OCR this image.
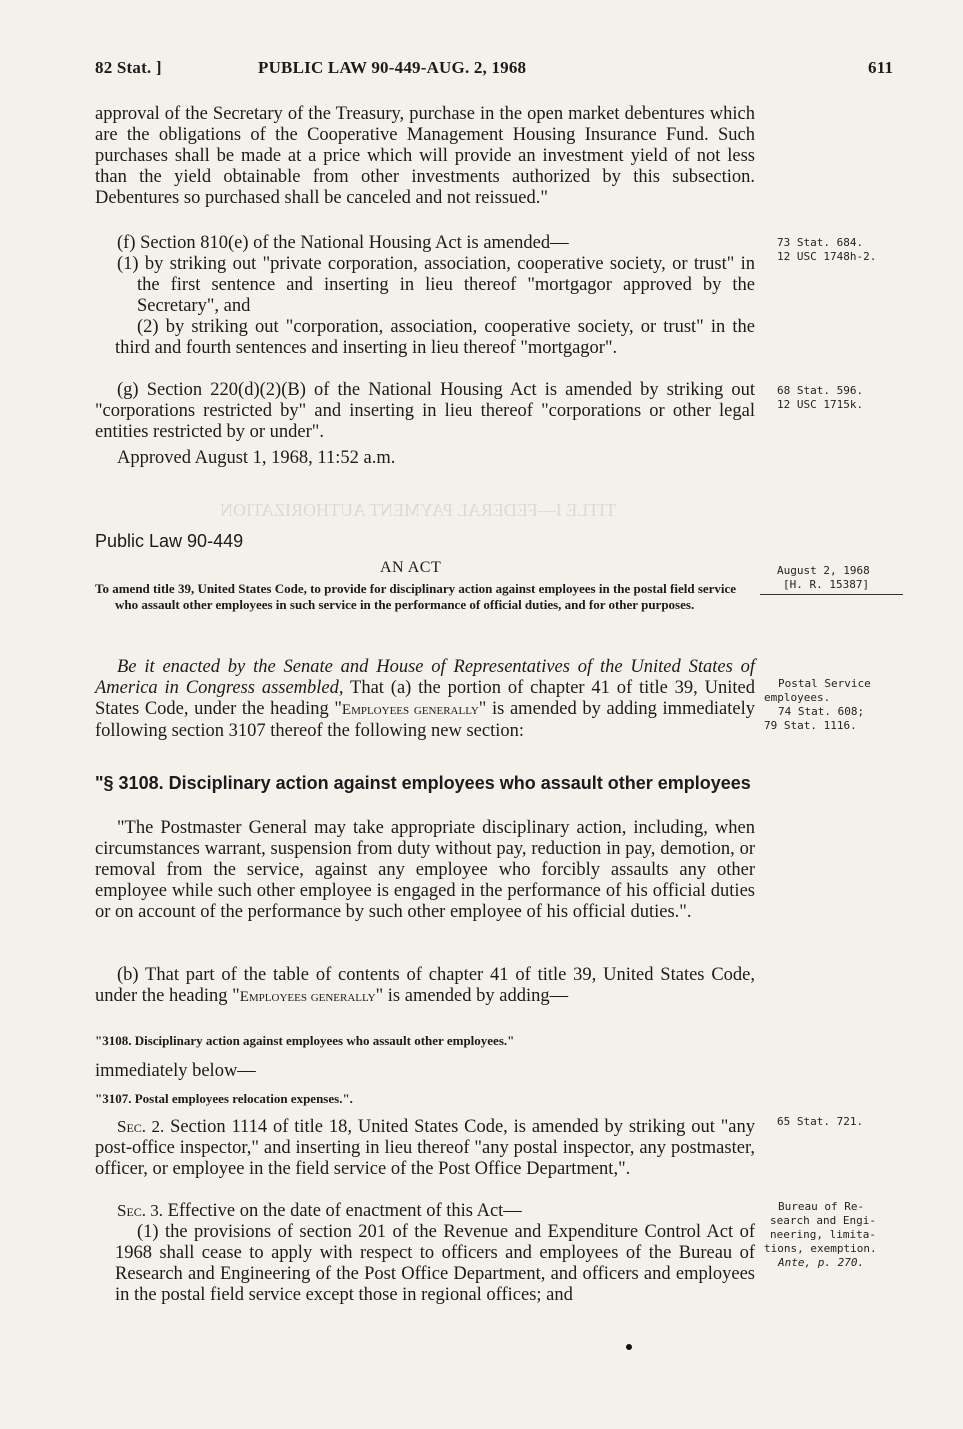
TITLE I—FEDERAL PAYMENT AUTHORIZATION
82 Stat. ]	PUBLIC LAW 90-449-AUG. 2, 1968	611

approval of the Secretary of the Treasury, purchase in the open market debentures which are the obligations of the Cooperative Management Housing Insurance Fund. Such purchases shall be made at a price which will provide an investment yield of not less than the yield obtainable from other investments authorized by this subsection. Debentures so purchased shall be canceled and not reissued."

(f) Section 810(e) of the National Housing Act is amended—

(1) by striking out "private corporation, association, cooperative society, or trust" in the first sentence and inserting in lieu thereof "mortgagor approved by the Secretary", and

(2) by striking out "corporation, association, cooperative society, or trust" in the third and fourth sentences and inserting in lieu thereof "mortgagor".

(g) Section 220(d)(2)(B) of the National Housing Act is amended by striking out "corporations restricted by" and inserting in lieu thereof "corporations or other legal entities restricted by or under".

Approved August 1, 1968, 11:52 a.m.

Public Law 90-449
AN ACT

To amend title 39, United States Code, to provide for disciplinary action against employees in the postal field service who assault other employees in such service in the performance of official duties, and for other purposes.

Be it enacted by the Senate and House of Representatives of the United States of America in Congress assembled, That (a) the portion of chapter 41 of title 39, United States Code, under the heading "Employees generally" is amended by adding immediately following section 3107 thereof the following new section:

"§ 3108. Disciplinary action against employees who assault other employees

"The Postmaster General may take appropriate disciplinary action, including, when circumstances warrant, suspension from duty without pay, reduction in pay, demotion, or removal from the service, against any employee who forcibly assaults any other employee while such other employee is engaged in the performance of his official duties or on account of the performance by such other employee of his official duties.".

(b) That part of the table of contents of chapter 41 of title 39, United States Code, under the heading "Employees generally" is amended by adding—

"3108. Disciplinary action against employees who assault other employees."

immediately below—

"3107. Postal employees relocation expenses.".

Sec. 2. Section 1114 of title 18, United States Code, is amended by striking out "any post-office inspector," and inserting in lieu thereof "any postal inspector, any postmaster, officer, or employee in the field service of the Post Office Department,".

Sec. 3. Effective on the date of enactment of this Act—

(1) the provisions of section 201 of the Revenue and Expenditure Control Act of 1968 shall cease to apply with respect to officers and employees of the Bureau of Research and Engineering of the Post Office Department, and officers and employees in the postal field service except those in regional offices; and

73 Stat. 684.
12 USC 1748h-2.
68 Stat. 596.
12 USC 1715k.
August 2, 1968
[H. R. 15387]
Postal Service
employees.
74 Stat. 608;
79 Stat. 1116.
65 Stat. 721.
Bureau of Re-
search and Engi-
neering, limita-
tions, exemption.
Ante, p. 270.
